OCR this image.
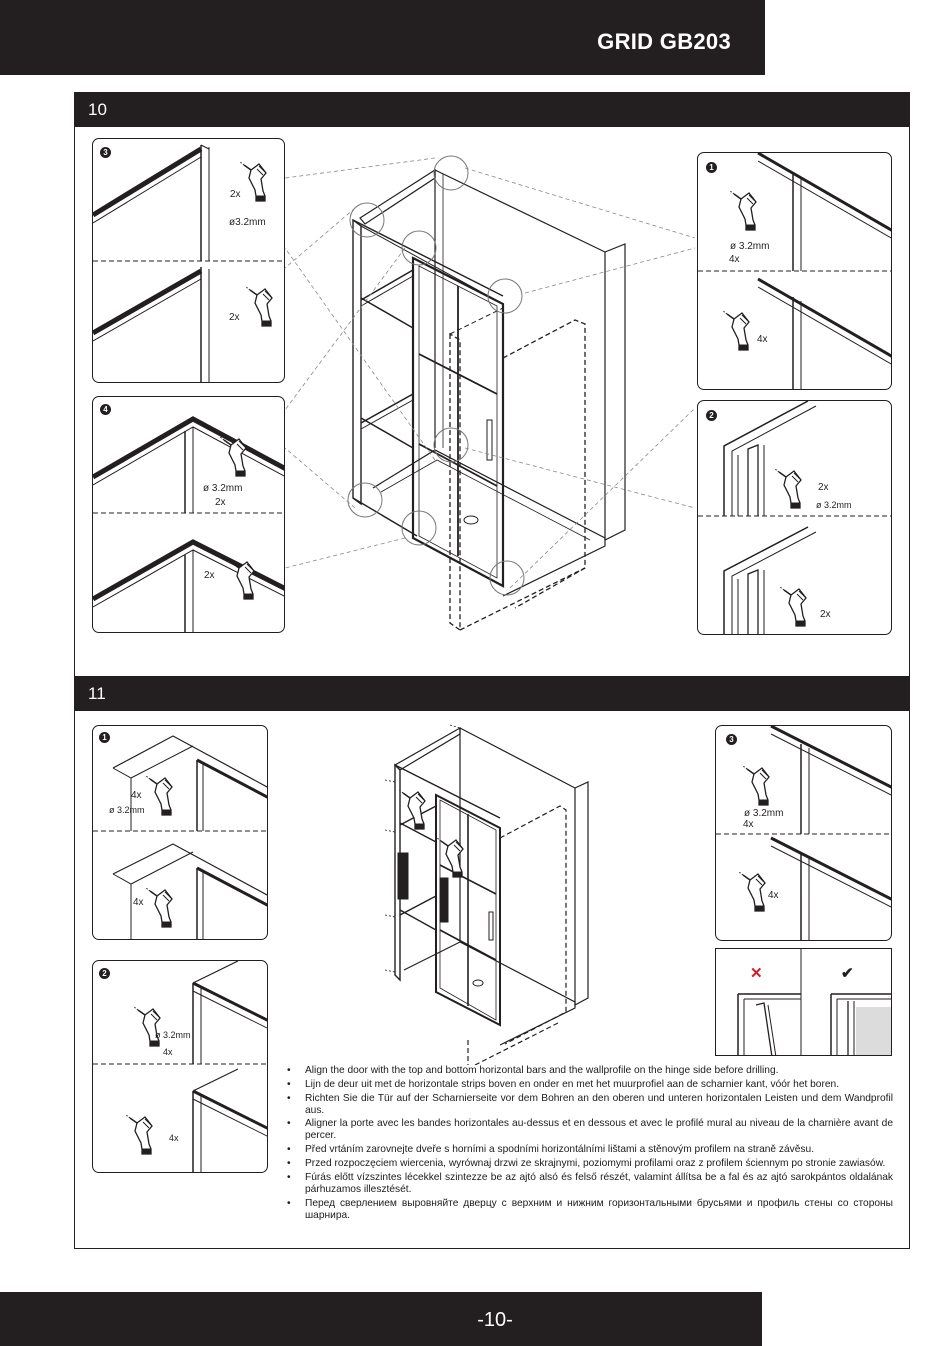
GRID GB203
10
3
2x
ø3.2mm
2x
4
ø 3.2mm
2x
2x
1
ø 3.2mm
4x
4x
2
2x
ø 3.2mm
2x
11
1
4x
ø 3.2mm
4x
2
ø 3.2mm
4x
4x
3
ø 3.2mm
4x
4x
✕	✔
• Align the door with the top and bottom horizontal bars and the wallprofile on the hinge side before drilling.
• Lijn de deur uit met de horizontale strips boven en onder en met het muurprofiel aan de scharnier kant, vóór het boren.
• Richten Sie die Tür auf der Scharnierseite vor dem Bohren an den oberen und unteren horizontalen Leisten und dem Wandprofil aus.
• Aligner la porte avec les bandes horizontales au-dessus et en dessous et avec le profilé mural au niveau de la charnière avant de percer.
• Před vrtáním zarovnejte dveře s horními a spodními horizontálními lištami a stěnovým profilem na straně závěsu.
• Przed rozpoczęciem wiercenia, wyrównaj drzwi ze skrajnymi, poziomymi profilami oraz z profilem ściennym po stronie zawiasów.
• Fúrás előtt vízszintes lécekkel szintezze be az ajtó alsó és felső részét, valamint állítsa be a fal és az ajtó sarokpántos oldalának párhuzamos illesztését.
• Перед сверлением выровняйте дверцу с верхним и нижним горизонтальными брусьями и профиль стены со стороны шарнира.
-10-
